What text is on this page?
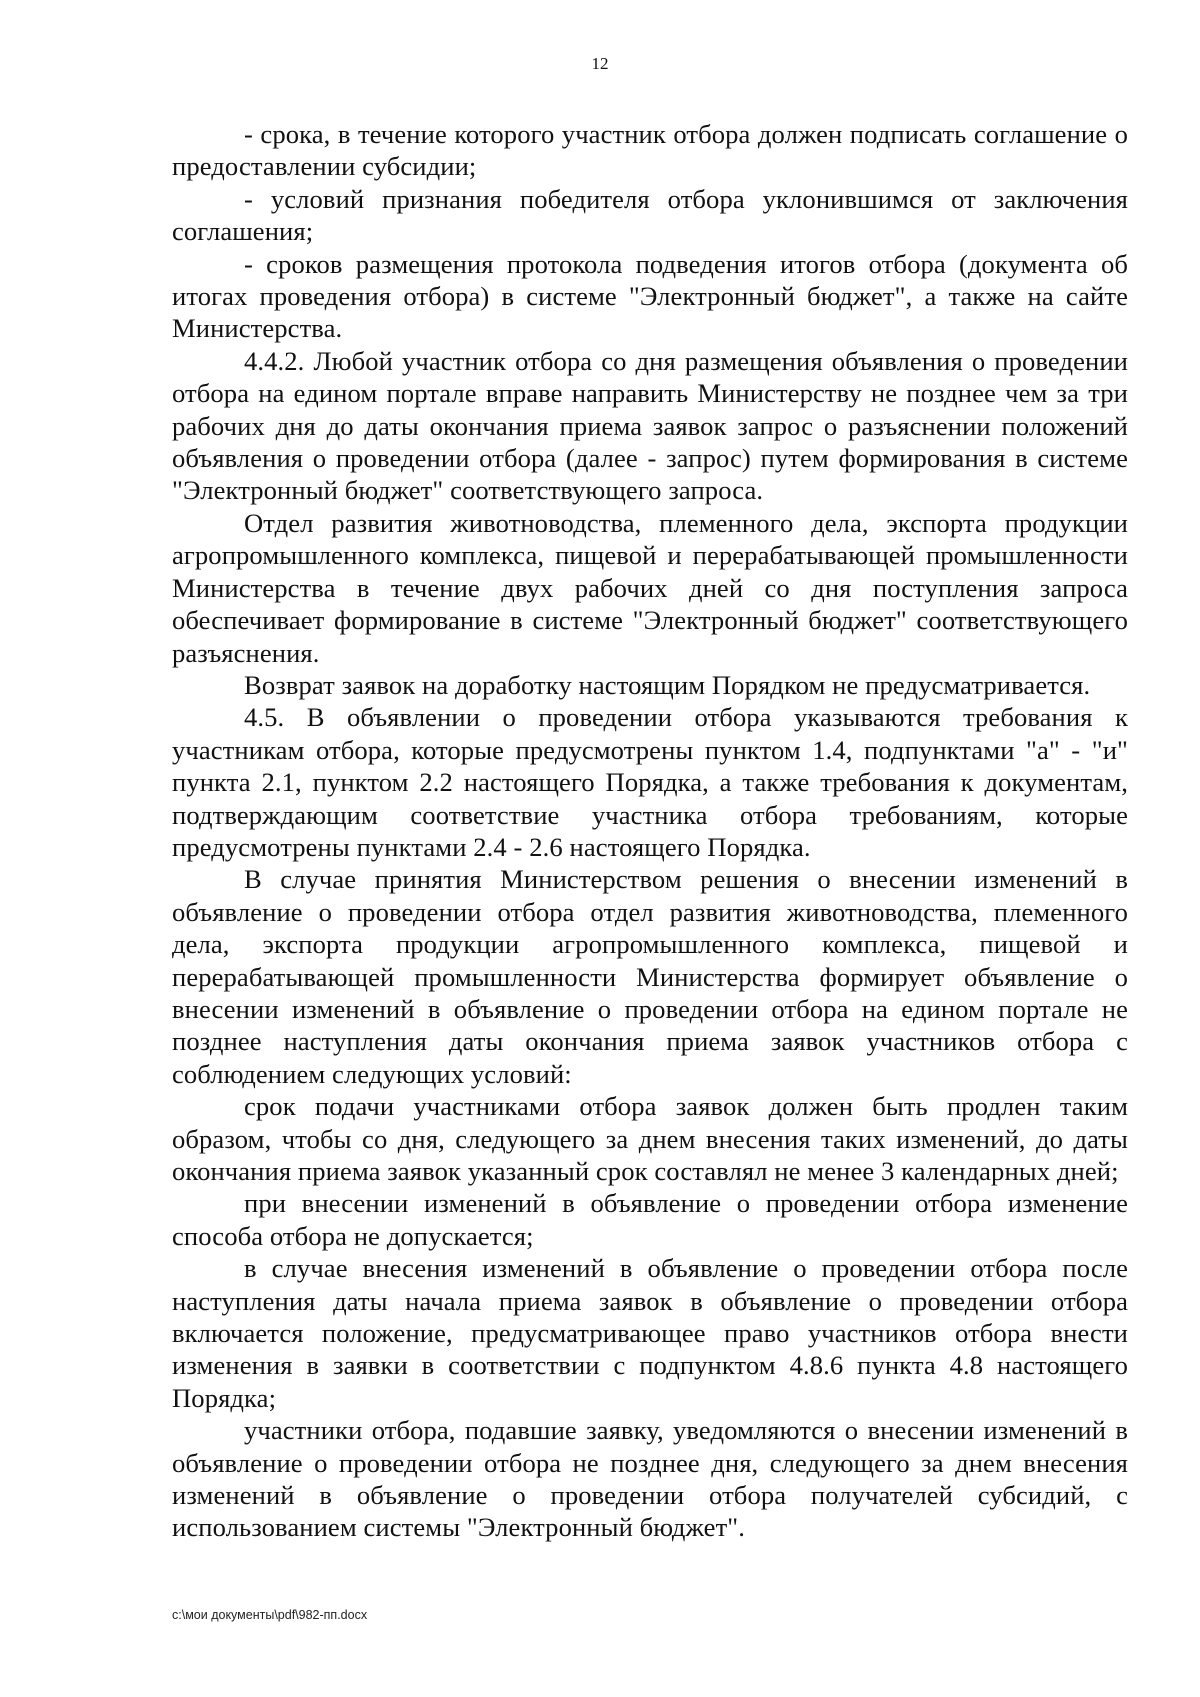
12

- срока, в течение которого участник отбора должен подписать соглашение о предоставлении субсидии;

- условий признания победителя отбора уклонившимся от заключения соглашения;

- сроков размещения протокола подведения итогов отбора (документа об итогах проведения отбора) в системе "Электронный бюджет", а также на сайте Министерства.

4.4.2. Любой участник отбора со дня размещения объявления о проведении отбора на едином портале вправе направить Министерству не позднее чем за три рабочих дня до даты окончания приема заявок запрос о разъяснении положений объявления о проведении отбора (далее - запрос) путем формирования в системе "Электронный бюджет" соответствующего запроса.

Отдел развития животноводства, племенного дела, экспорта продукции агропромышленного комплекса, пищевой и перерабатывающей промышленности Министерства в течение двух рабочих дней со дня поступления запроса обеспечивает формирование в системе "Электронный бюджет" соответствующего разъяснения.

Возврат заявок на доработку настоящим Порядком не предусматривается.

4.5. В объявлении о проведении отбора указываются требования к участникам отбора, которые предусмотрены пунктом 1.4, подпунктами "а" - "и" пункта 2.1, пунктом 2.2 настоящего Порядка, а также требования к документам, подтверждающим соответствие участника отбора требованиям, которые предусмотрены пунктами 2.4 - 2.6 настоящего Порядка.

В случае принятия Министерством решения о внесении изменений в объявление о проведении отбора отдел развития животноводства, племенного дела, экспорта продукции агропромышленного комплекса, пищевой и перерабатывающей промышленности Министерства формирует объявление о внесении изменений в объявление о проведении отбора на едином портале не позднее наступления даты окончания приема заявок участников отбора с соблюдением следующих условий:

срок подачи участниками отбора заявок должен быть продлен таким образом, чтобы со дня, следующего за днем внесения таких изменений, до даты окончания приема заявок указанный срок составлял не менее 3 календарных дней;

при внесении изменений в объявление о проведении отбора изменение способа отбора не допускается;

в случае внесения изменений в объявление о проведении отбора после наступления даты начала приема заявок в объявление о проведении отбора включается положение, предусматривающее право участников отбора внести изменения в заявки в соответствии с подпунктом 4.8.6 пункта 4.8 настоящего Порядка;

участники отбора, подавшие заявку, уведомляются о внесении изменений в объявление о проведении отбора не позднее дня, следующего за днем внесения изменений в объявление о проведении отбора получателей субсидий, с использованием системы "Электронный бюджет".

c:\мои документы\pdf\982-пп.docx
